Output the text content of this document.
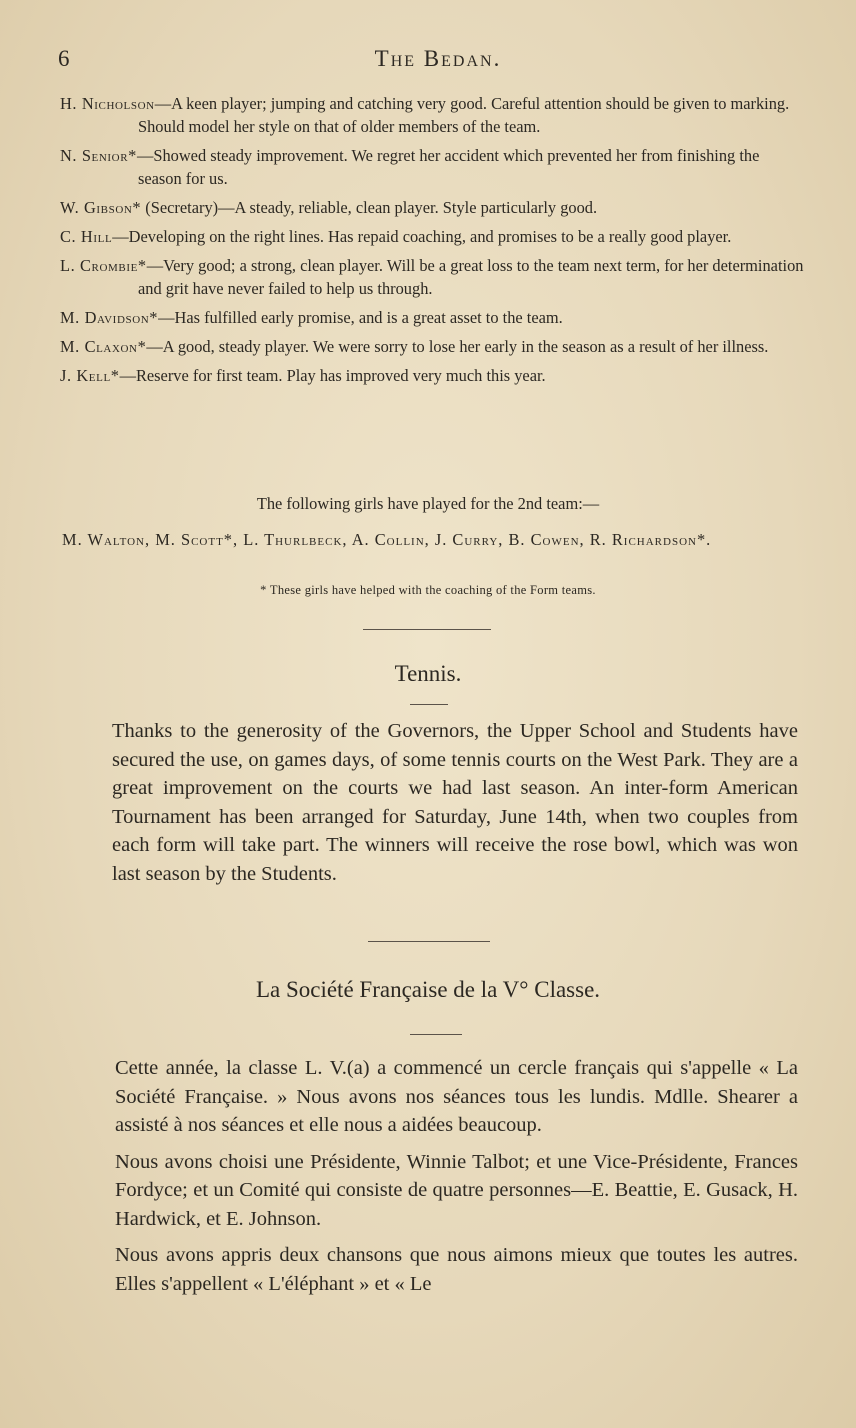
6	The Bedan.
H. Nicholson—A keen player; jumping and catching very good. Careful attention should be given to marking. Should model her style on that of older members of the team.
N. Senior*—Showed steady improvement. We regret her accident which prevented her from finishing the season for us.
W. Gibson* (Secretary)—A steady, reliable, clean player. Style particularly good.
C. Hill—Developing on the right lines. Has repaid coaching, and promises to be a really good player.
L. Crombie*—Very good; a strong, clean player. Will be a great loss to the team next term, for her determination and grit have never failed to help us through.
M. Davidson*—Has fulfilled early promise, and is a great asset to the team.
M. Claxon*—A good, steady player. We were sorry to lose her early in the season as a result of her illness.
J. Kell*—Reserve for first team. Play has improved very much this year.
The following girls have played for the 2nd team:—
M. Walton, M. Scott*, L. Thurlbeck, A. Collin, J. Curry, B. Cowen, R. Richardson*.
* These girls have helped with the coaching of the Form teams.
Tennis.

Thanks to the generosity of the Governors, the Upper School and Students have secured the use, on games days, of some tennis courts on the West Park. They are a great improvement on the courts we had last season. An inter-form American Tournament has been arranged for Saturday, June 14th, when two couples from each form will take part. The winners will receive the rose bowl, which was won last season by the Students.

La Société Française de la V° Classe.

Cette année, la classe L. V.(a) a commencé un cercle français qui s'appelle « La Société Française. » Nous avons nos séances tous les lundis. Mdlle. Shearer a assisté à nos séances et elle nous a aidées beaucoup.

Nous avons choisi une Présidente, Winnie Talbot; et une Vice-Présidente, Frances Fordyce; et un Comité qui consiste de quatre personnes—E. Beattie, E. Gusack, H. Hardwick, et E. Johnson.

Nous avons appris deux chansons que nous aimons mieux que toutes les autres. Elles s'appellent « L'éléphant » et « Le
